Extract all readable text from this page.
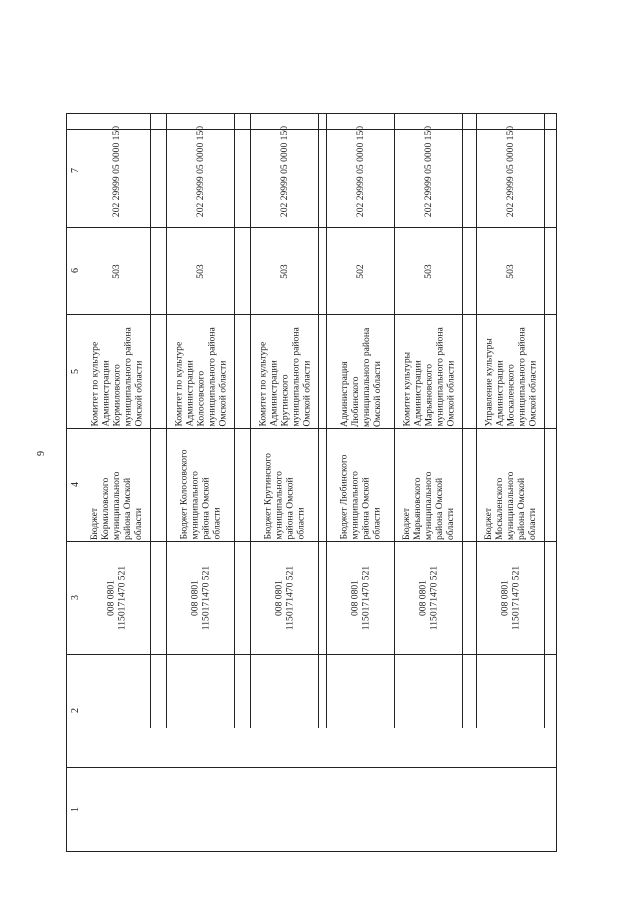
9
1
2
3
4
5
6
7
008 0801
1150171470 521
Бюджет
Кормиловского
муниципального
района Омской
области
Комитет по культуре
Администрации
Кормиловского
муниципального района
Омской области
503
202 29999 05 0000 150
008 0801
1150171470 521
Бюджет Колосовского
муниципального
района Омской
области
Комитет по культуре
Администрации
Колосовского
муниципального района
Омской области
503
202 29999 05 0000 150
008 0801
1150171470 521
Бюджет Крутинского
муниципального
района Омской
области
Комитет по культуре
Администрации
Крутинского
муниципального района
Омской области
503
202 29999 05 0000 150
008 0801
1150171470 521
Бюджет Любинского
муниципального
района Омской
области
Администрация
Любинского
муниципального района
Омской области
502
202 29999 05 0000 150
008 0801
1150171470 521
Бюджет
Марьяновского
муниципального
района Омской
области
Комитет культуры
Администрации
Марьяновского
муниципального района
Омской области
503
202 29999 05 0000 150
008 0801
1150171470 521
Бюджет
Москаленского
муниципального
района Омской
области
Управление культуры
Администрации
Москаленского
муниципального района
Омской области
503
202 29999 05 0000 150
